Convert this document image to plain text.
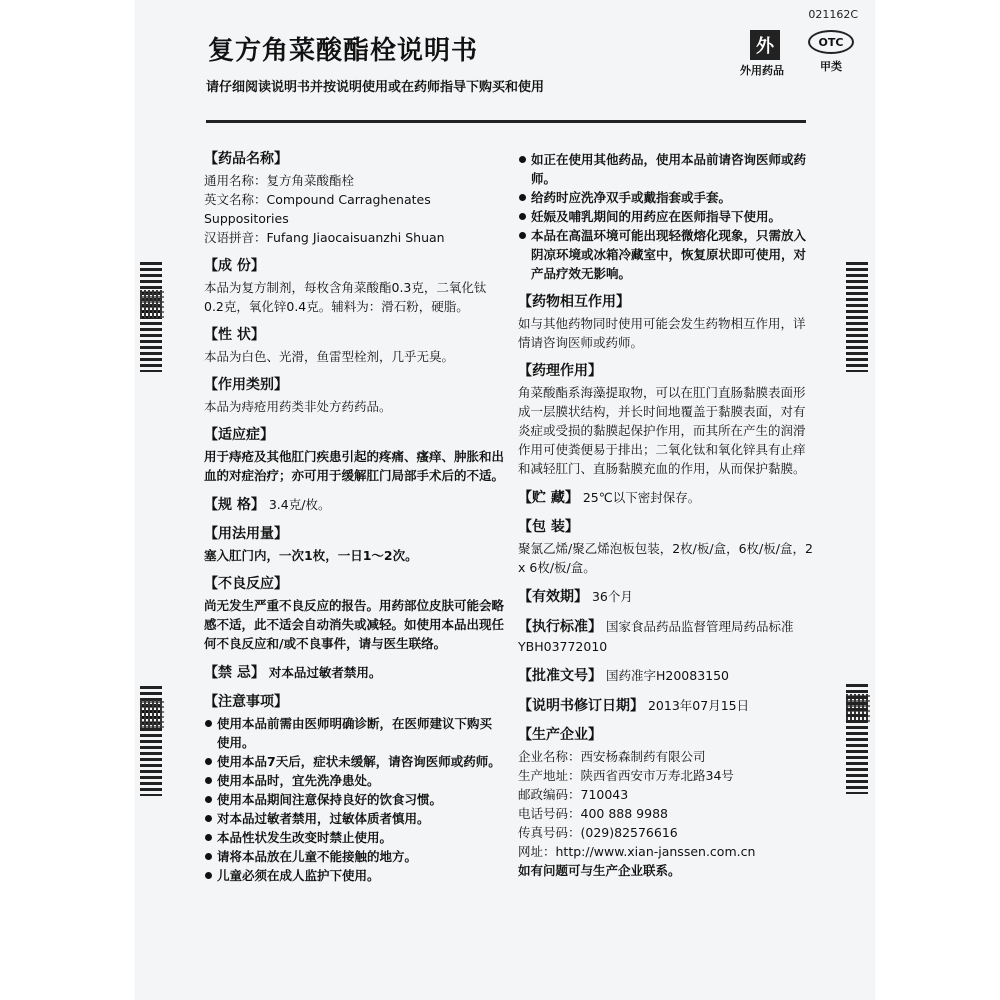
021162C
复方角菜酸酯栓说明书
请仔细阅读说明书并按说明使用或在药师指导下购买和使用
外
外用药品
OTC
甲类
【药品名称】
通用名称：复方角菜酸酯栓
英文名称：Compound Carraghenates Suppositories
汉语拼音：Fufang Jiaocaisuanzhi Shuan
【成 份】
本品为复方制剂，每枚含角菜酸酯0.3克，二氧化钛0.2克，氧化锌0.4克。辅料为：滑石粉，硬脂。
【性 状】
本品为白色、光滑，鱼雷型栓剂，几乎无臭。
【作用类别】
本品为痔疮用药类非处方药药品。
【适应症】
用于痔疮及其他肛门疾患引起的疼痛、瘙痒、肿胀和出血的对症治疗；亦可用于缓解肛门局部手术后的不适。
【规 格】 3.4克/枚。
【用法用量】
塞入肛门内，一次1枚，一日1～2次。
【不良反应】
尚无发生严重不良反应的报告。用药部位皮肤可能会略感不适，此不适会自动消失或减轻。如使用本品出现任何不良反应和/或不良事件，请与医生联络。
【禁 忌】 对本品过敏者禁用。
【注意事项】
使用本品前需由医师明确诊断，在医师建议下购买使用。
使用本品7天后，症状未缓解，请咨询医师或药师。
使用本品时，宜先洗净患处。
使用本品期间注意保持良好的饮食习惯。
对本品过敏者禁用，过敏体质者慎用。
本品性状发生改变时禁止使用。
请将本品放在儿童不能接触的地方。
儿童必须在成人监护下使用。
如正在使用其他药品，使用本品前请咨询医师或药师。
给药时应洗净双手或戴指套或手套。
妊娠及哺乳期间的用药应在医师指导下使用。
本品在高温环境可能出现轻微熔化现象，只需放入阴凉环境或冰箱冷藏室中，恢复原状即可使用，对产品疗效无影响。
【药物相互作用】
如与其他药物同时使用可能会发生药物相互作用，详情请咨询医师或药师。
【药理作用】
角菜酸酯系海藻提取物，可以在肛门直肠黏膜表面形成一层膜状结构，并长时间地覆盖于黏膜表面，对有炎症或受损的黏膜起保护作用，而其所在产生的润滑作用可使粪便易于排出；二氧化钛和氧化锌具有止痒和减轻肛门、直肠黏膜充血的作用，从而保护黏膜。
【贮 藏】 25℃以下密封保存。
【包 装】
聚氯乙烯/聚乙烯泡板包装，2枚/板/盒，6枚/板/盒，2 x 6枚/板/盒。
【有效期】 36个月
【执行标准】 国家食品药品监督管理局药品标准YBH03772010
【批准文号】 国药准字H20083150
【说明书修订日期】 2013年07月15日
【生产企业】
企业名称：西安杨森制药有限公司
生产地址：陕西省西安市万寿北路34号
邮政编码：710043
电话号码：400 888 9988
传真号码：(029)82576616
网址：http://www.xian-janssen.com.cn
如有问题可与生产企业联系。
